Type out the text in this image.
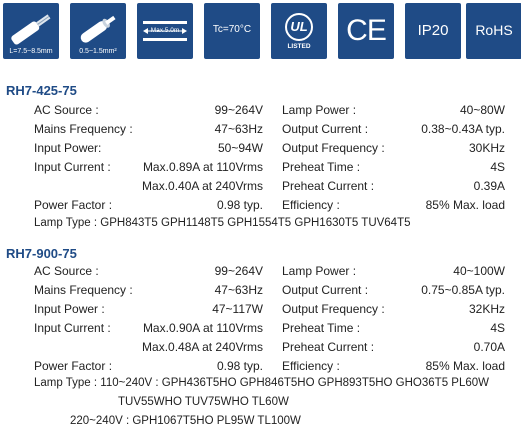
L=7.5~8.5mm	0.5~1.5mm²
Max.5.0m	Tc=70°C	UL
LISTED	CE	IP20	RoHS
RH7-425-75
AC Source :	99~264V Lamp Power :	40~80W
Mains Frequency :	47~63Hz Output Current :	0.38~0.43A typ.
Input Power:	50~94W Output Frequency :	30KHz
Input Current :	Max.0.89A at 110Vrms Preheat Time :	4S
Max.0.40A at 240Vrms Preheat Current :	0.39A
Power Factor :	0.98 typ. Efficiency :	85% Max. load
Lamp Type : GPH843T5 GPH1148T5 GPH1554T5 GPH1630T5 TUV64T5
RH7-900-75
AC Source :	99~264V Lamp Power :	40~100W
Mains Frequency :	47~63Hz Output Current :	0.75~0.85A typ.
Input Power :	47~117W Output Frequency :	32KHz
Input Current :	Max.0.90A at 110Vrms Preheat Time :	4S
Max.0.48A at 240Vrms Preheat Current :	0.70A
Power Factor :	0.98 typ. Efficiency :	85% Max. load
Lamp Type : 110~240V : GPH436T5HO GPH846T5HO GPH893T5HO GHO36T5 PL60W
TUV55WHO TUV75WHO TL60W
220~240V : GPH1067T5HO PL95W TL100W
